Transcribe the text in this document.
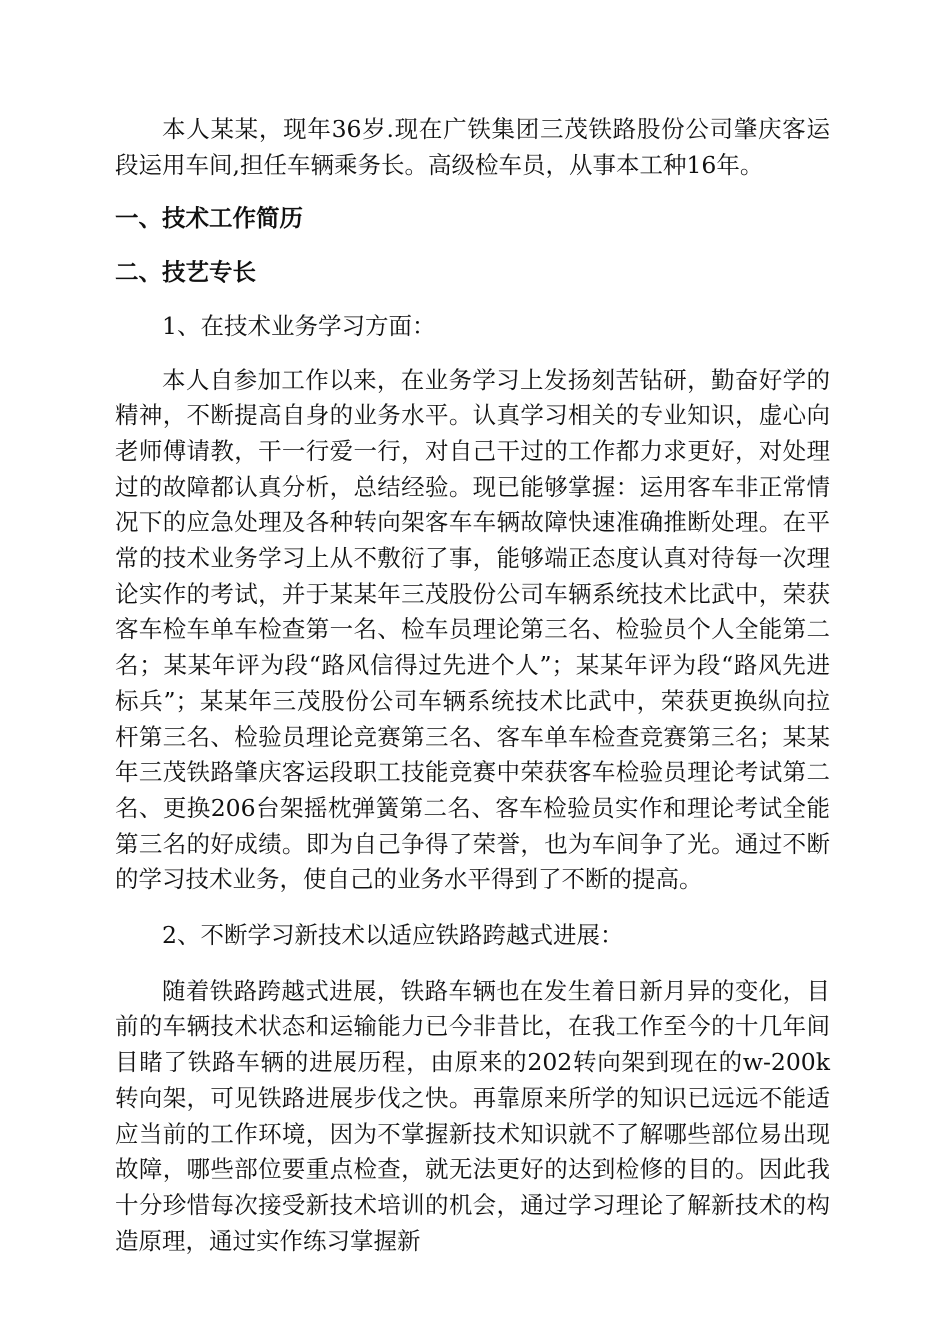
本人某某，现年36岁.现在广铁集团三茂铁路股份公司肇庆客运段运用车间,担任车辆乘务长。高级检车员，从事本工种16年。

一、技术工作简历
二、技艺专长

1、在技术业务学习方面：

本人自参加工作以来，在业务学习上发扬刻苦钻研，勤奋好学的精神，不断提高自身的业务水平。认真学习相关的专业知识，虚心向老师傅请教，干一行爱一行，对自己干过的工作都力求更好，对处理过的故障都认真分析，总结经验。现已能够掌握：运用客车非正常情况下的应急处理及各种转向架客车车辆故障快速准确推断处理。在平常的技术业务学习上从不敷衍了事，能够端正态度认真对待每一次理论实作的考试，并于某某年三茂股份公司车辆系统技术比武中，荣获客车检车单车检查第一名、检车员理论第三名、检验员个人全能第二名；某某年评为段“路风信得过先进个人”；某某年评为段“路风先进标兵”；某某年三茂股份公司车辆系统技术比武中，荣获更换纵向拉杆第三名、检验员理论竞赛第三名、客车单车检查竞赛第三名；某某年三茂铁路肇庆客运段职工技能竞赛中荣获客车检验员理论考试第二名、更换206台架摇枕弹簧第二名、客车检验员实作和理论考试全能第三名的好成绩。即为自己争得了荣誉，也为车间争了光。通过不断的学习技术业务，使自己的业务水平得到了不断的提高。

2、不断学习新技术以适应铁路跨越式进展：

随着铁路跨越式进展，铁路车辆也在发生着日新月异的变化，目前的车辆技术状态和运输能力已今非昔比，在我工作至今的十几年间目睹了铁路车辆的进展历程，由原来的202转向架到现在的w-200k转向架，可见铁路进展步伐之快。再靠原来所学的知识已远远不能适应当前的工作环境，因为不掌握新技术知识就不了解哪些部位易出现故障，哪些部位要重点检查，就无法更好的达到检修的目的。因此我十分珍惜每次接受新技术培训的机会，通过学习理论了解新技术的构造原理，通过实作练习掌握新
